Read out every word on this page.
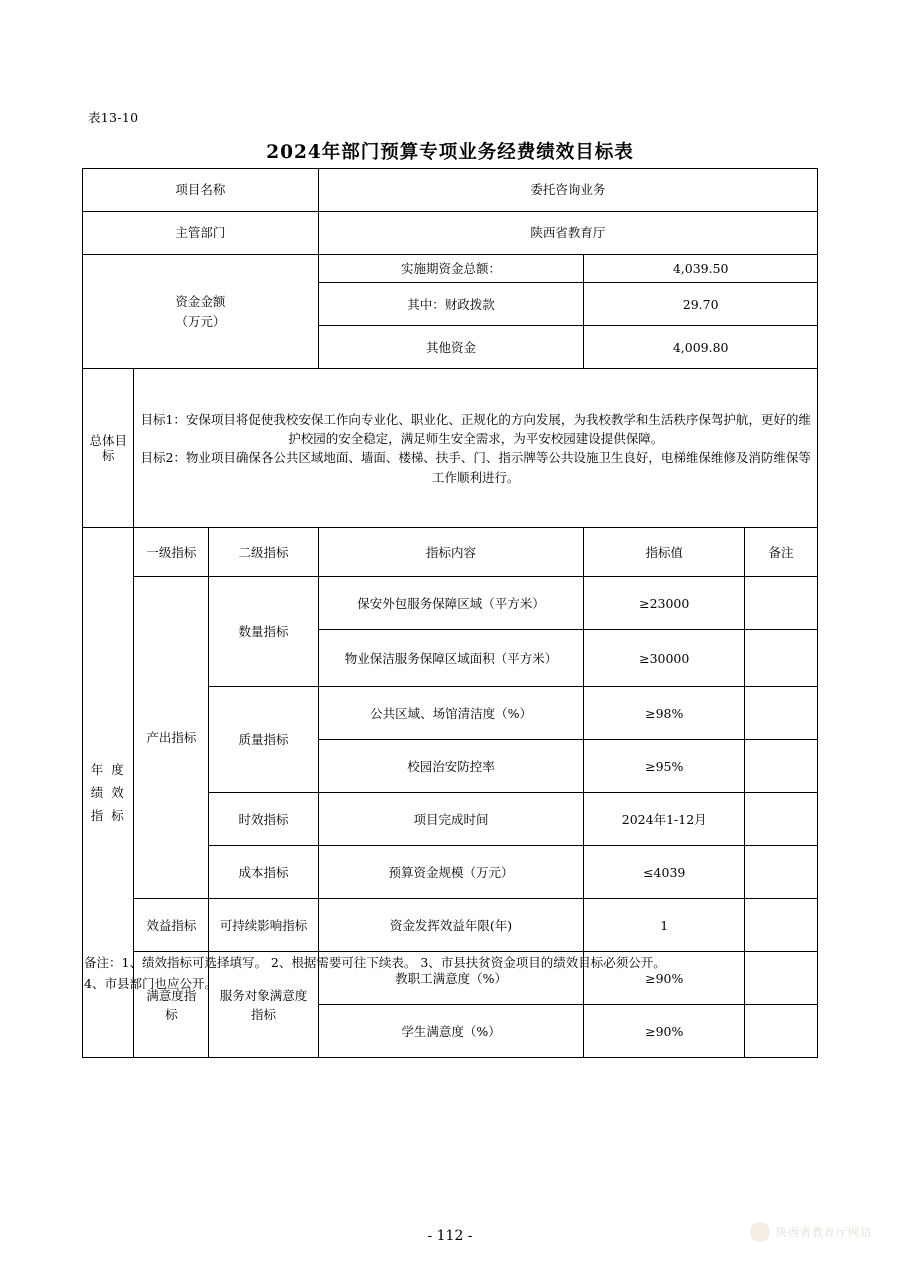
表13-10
2024年部门预算专项业务经费绩效目标表
项目名称			委托咨询业务		
主管部门			陕西省教育厅		

资金金额
（万元）			实施期资金总额：	4,039.50	
			其中：财政拨款	29.70	
			其他资金	4,009.80	

总体目标	目标1：安保项目将促使我校安保工作向专业化、职业化、正规化的方向发展，为我校教学和生活秩序保驾护航，更好的维护校园的安全稳定，满足师生安全需求，为平安校园建设提供保障。
目标2：物业项目确保各公共区域地面、墙面、楼梯、扶手、门、指示牌等公共设施卫生良好，电梯维保维修及消防维保等工作顺利进行。				

年 度 绩 效 指 标	一级指标	二级指标	指标内容	指标值	备注
	产出指标	数量指标	保安外包服务保障区域（平方米）	≥23000	
			物业保洁服务保障区域面积（平方米）	≥30000	
		质量指标	公共区域、场馆清洁度（%）	≥98%	
			校园治安防控率	≥95%	
		时效指标	项目完成时间	2024年1-12月	
		成本指标	预算资金规模（万元）	≤4039	
	效益指标	可持续影响指标	资金发挥效益年限(年)	1	
	满意度指标	服务对象满意度指标	教职工满意度（%）	≥90%	
			学生满意度（%）	≥90%	
备注：1、绩效指标可选择填写。 2、根据需要可往下续表。 3、市县扶贫资金项目的绩效目标必须公开。
4、市县部门也应公开。
- 112 -	陕西省教育厅网站
